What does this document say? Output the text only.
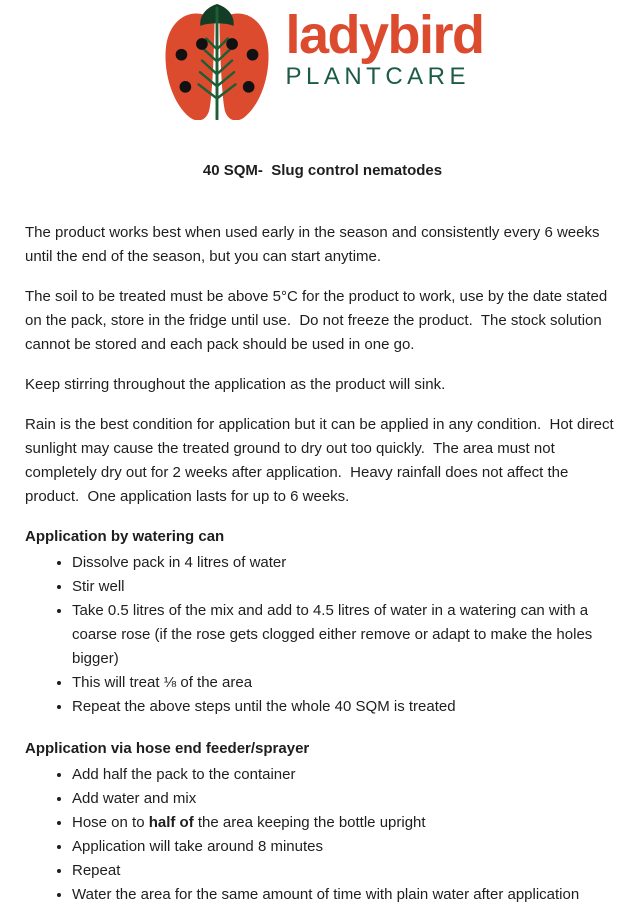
ladybird
PLANTCARE
40 SQM-  Slug control nematodes

The product works best when used early in the season and consistently every 6 weeks until the end of the season, but you can start anytime.

The soil to be treated must be above 5°C for the product to work, use by the date stated on the pack, store in the fridge until use.  Do not freeze the product.  The stock solution cannot be stored and each pack should be used in one go.

Keep stirring throughout the application as the product will sink.

Rain is the best condition for application but it can be applied in any condition.  Hot direct sunlight may cause the treated ground to dry out too quickly.  The area must not completely dry out for 2 weeks after application.  Heavy rainfall does not affect the product.  One application lasts for up to 6 weeks.

Application by watering can
• Dissolve pack in 4 litres of water
• Stir well
• Take 0.5 litres of the mix and add to 4.5 litres of water in a watering can with a coarse rose (if the rose gets clogged either remove or adapt to make the holes bigger)
• This will treat ⅛ of the area
• Repeat the above steps until the whole 40 SQM is treated
Application via hose end feeder/sprayer
• Add half the pack to the container
• Add water and mix
• Hose on to half of the area keeping the bottle upright
• Application will take around 8 minutes
• Repeat
• Water the area for the same amount of time with plain water after application
